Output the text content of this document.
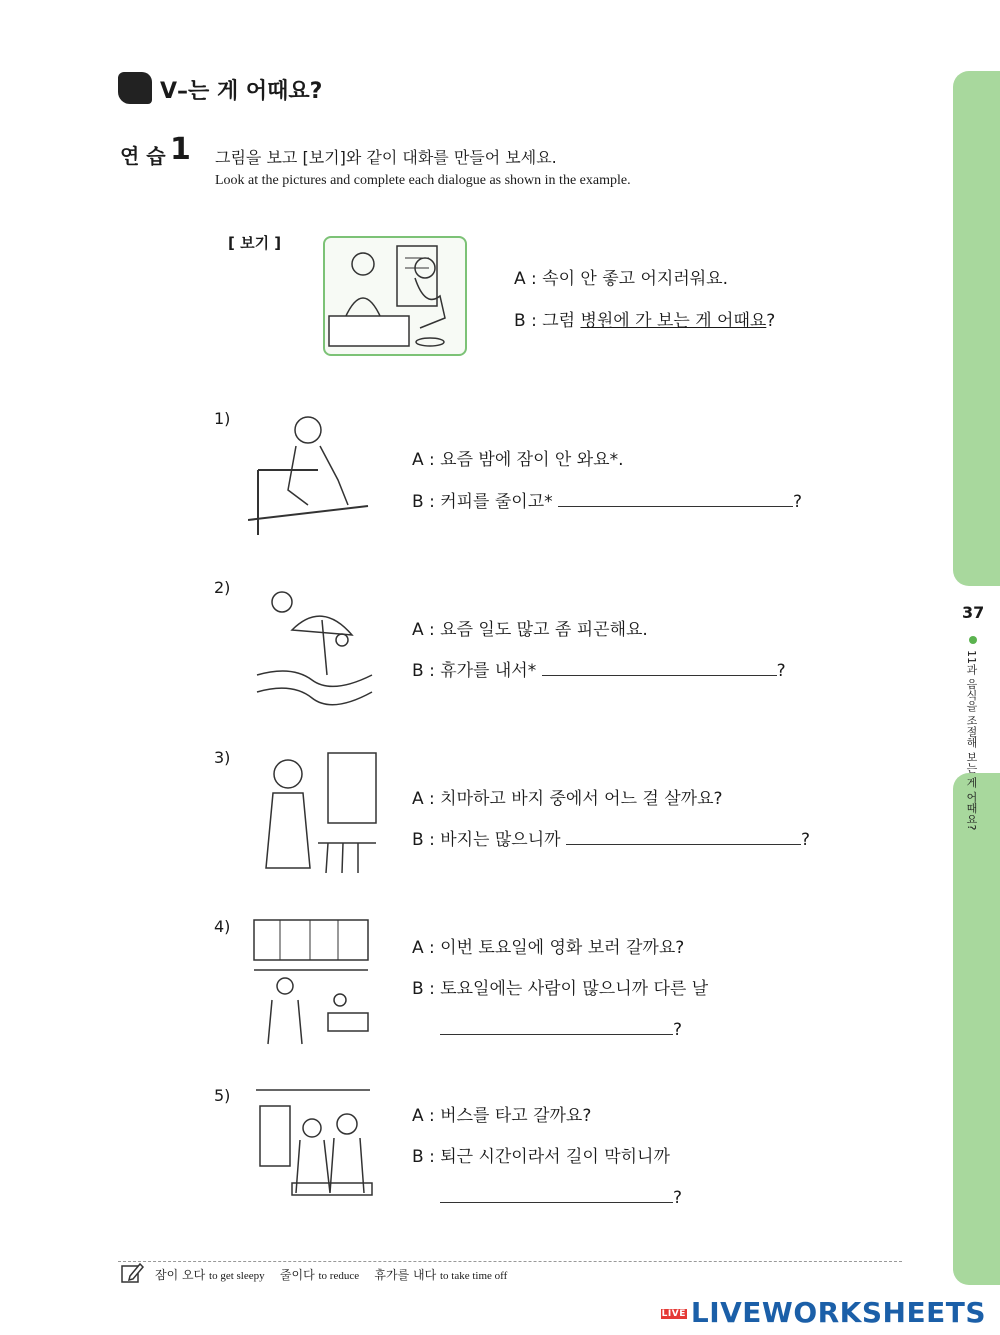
V–는 게 어때요?
연 습 1 그림을 보고 [보기]와 같이 대화를 만들어 보세요.
Look at the pictures and complete each dialogue as shown in the example.
[ 보기 ]
A : 속이 안 좋고 어지러워요.
B : 그럼 병원에 가 보는 게 어때요?
1)
A : 요즘 밤에 잠이 안 와요*.
B : 커피를 줄이고*	?
2)
A : 요즘 일도 많고 좀 피곤해요.
B : 휴가를 내서*	?
3)
A : 치마하고 바지 중에서 어느 걸 살까요?
B : 바지는 많으니까	?
4)
A : 이번 토요일에 영화 보러 갈까요?
B : 토요일에는 사람이 많으니까 다른 날
?
5)
A : 버스를 타고 갈까요?
B : 퇴근 시간이라서 길이 막히니까
?
37
11과 음식을 조절해 보는 게 어때요?
잠이 오다 to get sleepy 줄이다 to reduce 휴가를 내다 to take time off
LIVE LIVEWORKSHEETS
